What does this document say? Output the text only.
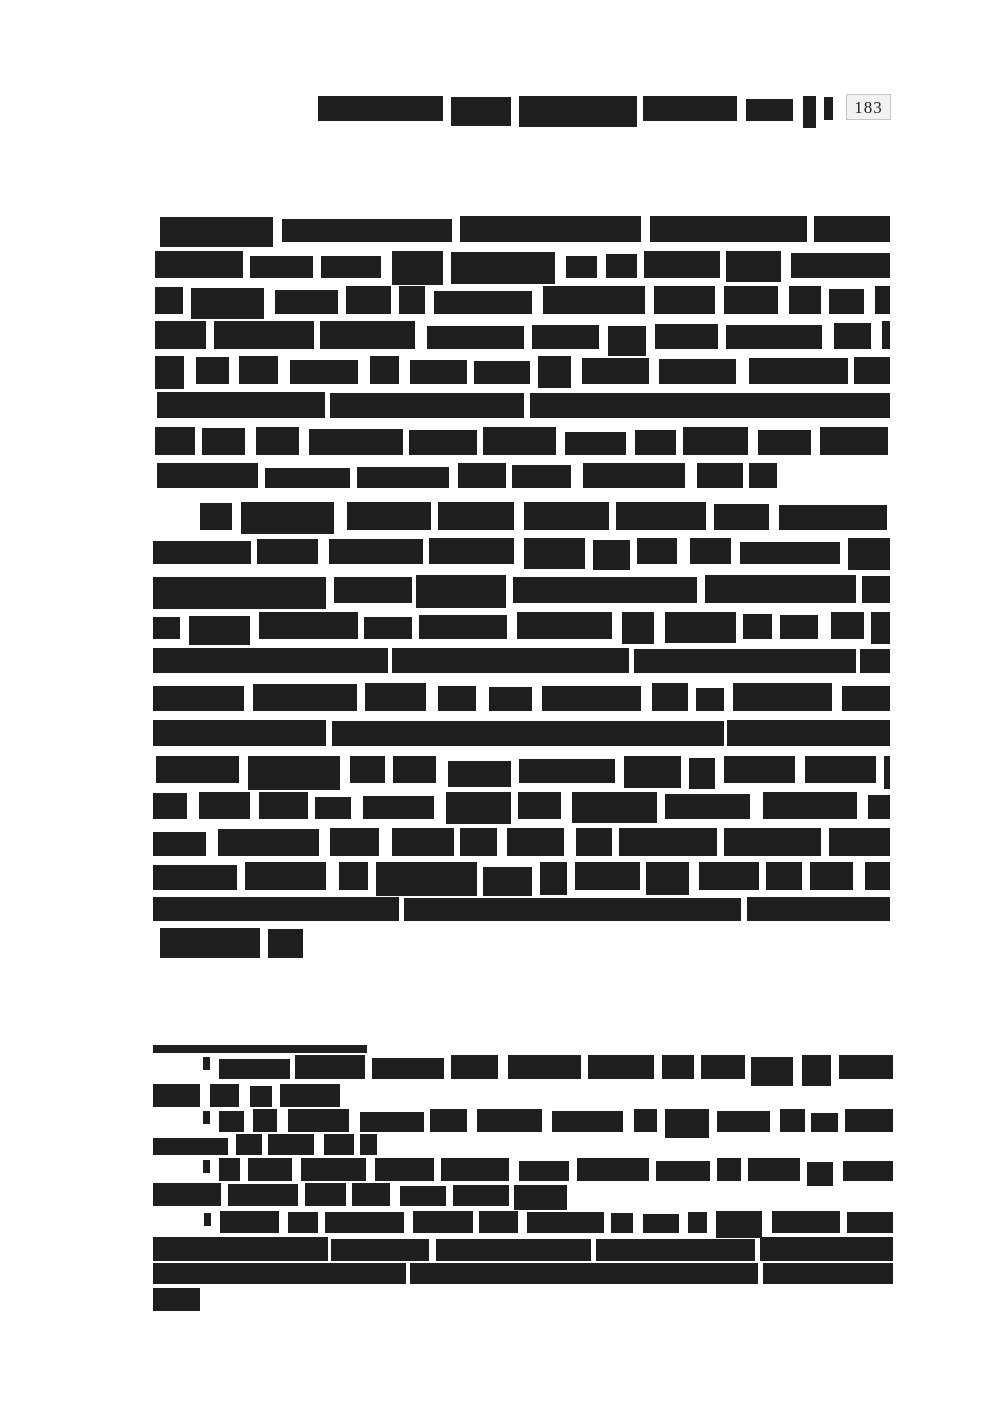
183
